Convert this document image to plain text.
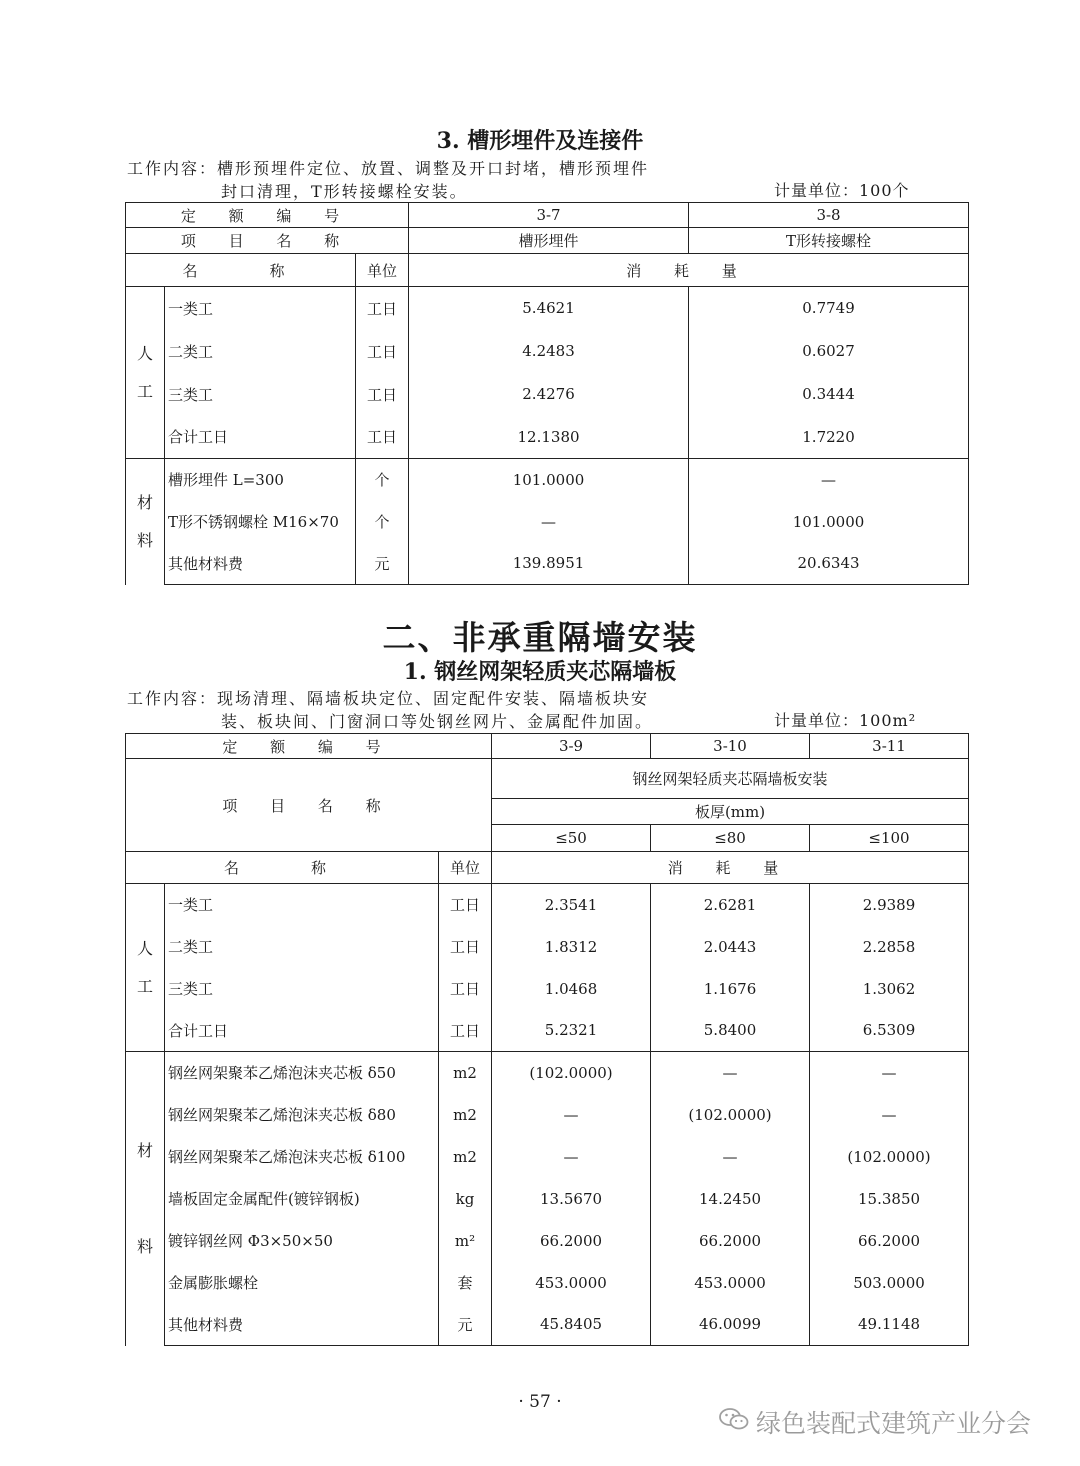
3. 槽形埋件及连接件
工作内容：槽形预埋件定位、放置、调整及开口封堵，槽形预埋件
封口清理，T形转接螺栓安装。	计量单位：100个
定 额 编 号			3-7	3-8
项 目 名 称			槽形埋件	T形转接螺栓
名　　称		单位	消 耗 量	
人
工	一类工	工日	5.4621	0.7749
	二类工	工日	4.2483	0.6027
	三类工	工日	2.4276	0.3444
	合计工日	工日	12.1380	1.7220
材
料	槽形埋件 L=300	个	101.0000	—
	T形不锈钢螺栓 M16×70	个	—	101.0000
	其他材料费	元	139.8951	20.6343
二、非承重隔墙安装
1. 钢丝网架轻质夹芯隔墙板
工作内容：现场清理、隔墙板块定位、固定配件安装、隔墙板块安
装、板块间、门窗洞口等处钢丝网片、金属配件加固。	计量单位：100m²
定 额 编 号			3-9	3-10	3-11
项 目 名 称			钢丝网架轻质夹芯隔墙板安装		
			板厚(mm)		
			≤50	≤80	≤100
名　　称		单位	消 耗 量		
人
工	一类工	工日	2.3541	2.6281	2.9389
	二类工	工日	1.8312	2.0443	2.2858
	三类工	工日	1.0468	1.1676	1.3062
	合计工日	工日	5.2321	5.8400	6.5309
材
料	钢丝网架聚苯乙烯泡沫夹芯板 δ50	m2	(102.0000)	—	—
	钢丝网架聚苯乙烯泡沫夹芯板 δ80	m2	—	(102.0000)	—
	钢丝网架聚苯乙烯泡沫夹芯板 δ100	m2	—	—	(102.0000)
	墙板固定金属配件(镀锌钢板)	kg	13.5670	14.2450	15.3850
	镀锌钢丝网 Φ3×50×50	m²	66.2000	66.2000	66.2000
	金属膨胀螺栓	套	453.0000	453.0000	503.0000
	其他材料费	元	45.8405	46.0099	49.1148
· 57 ·
绿色装配式建筑产业分会
